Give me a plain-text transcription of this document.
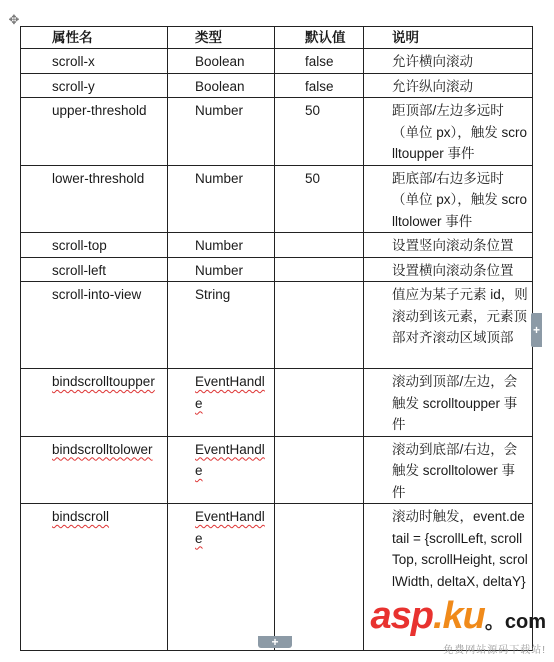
✥
属性名	类型	默认值	说明
scroll-x	Boolean	false	允许横向滚动
scroll-y	Boolean	false	允许纵向滚动
upper-threshold	Number	50	距顶部/左边多远时（单位 px），触发 scrolltoupper 事件
lower-threshold	Number	50	距底部/右边多远时（单位 px），触发 scrolltolower 事件
scroll-top	Number		设置竖向滚动条位置
scroll-left	Number		设置横向滚动条位置
scroll-into-view	String		值应为某子元素 id，则滚动到该元素，元素顶部对齐滚动区域顶部
bindscrolltoupper	EventHandle		滚动到顶部/左边，会触发 scrolltoupper 事件
bindscrolltolower	EventHandle		滚动到底部/右边，会触发 scrolltolower 事件
bindscroll	EventHandle		滚动时触发，event.detail = {scrollLeft, scrollTop, scrollHeight, scrollWidth, deltaX, deltaY}
+
+
asp.ku。com
免费网站源码下载站!
